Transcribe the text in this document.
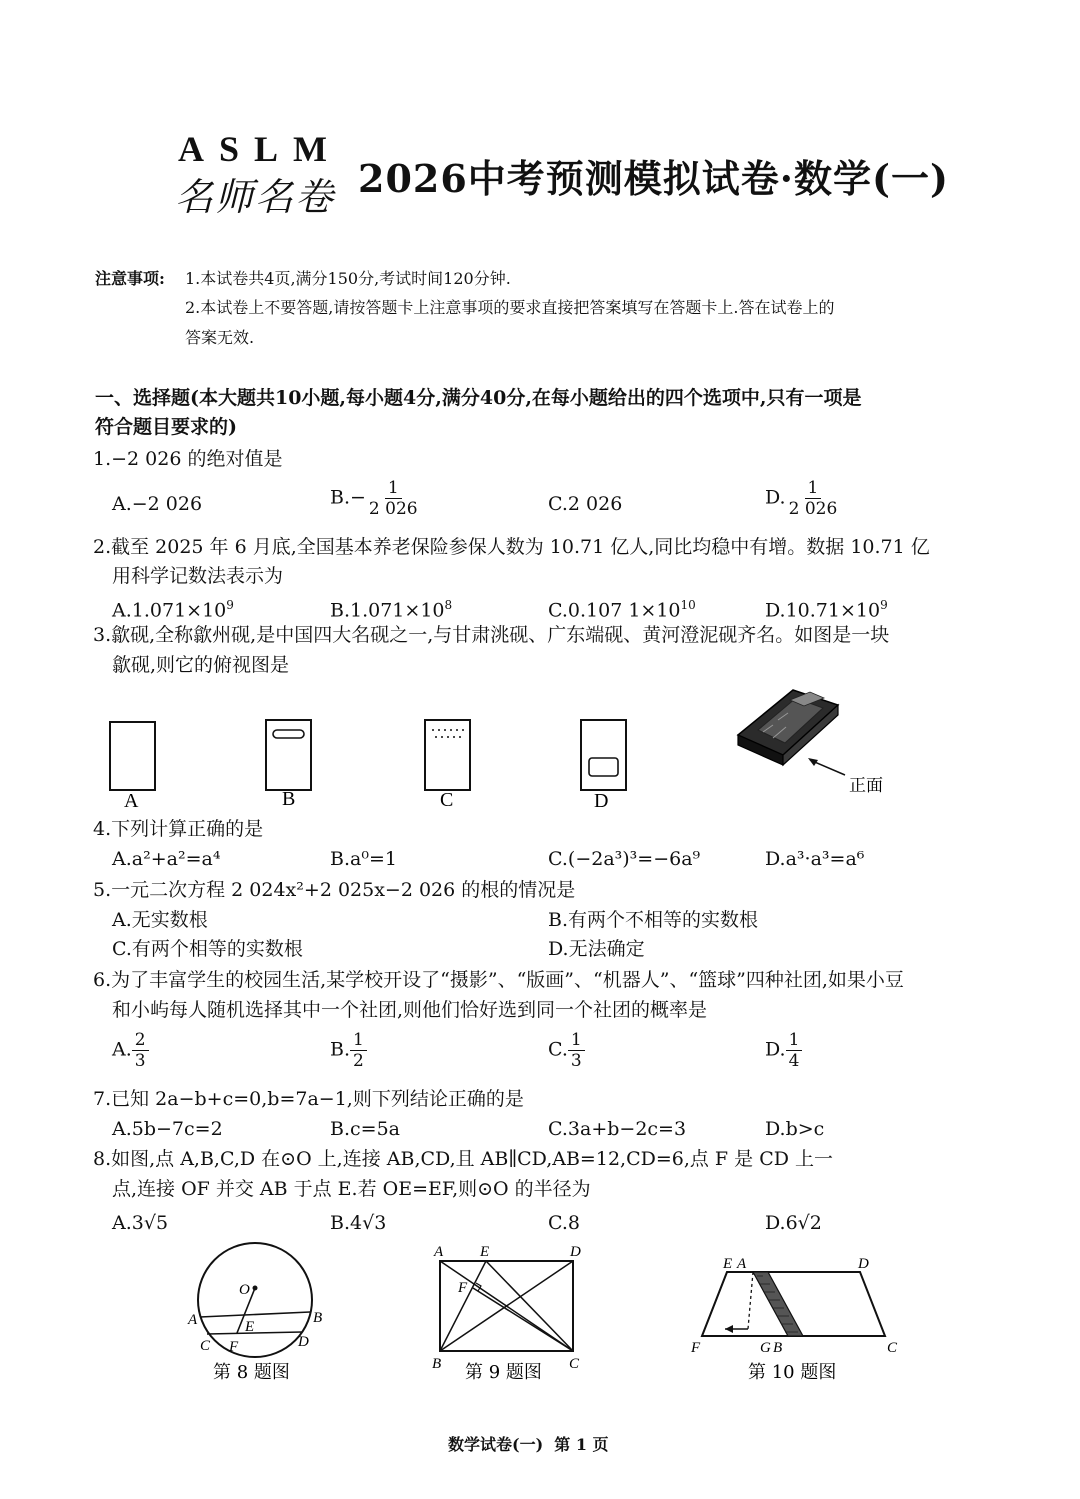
ASLM
名师名卷 2026中考预测模拟试卷·数学(一)
注意事项: 1.本试卷共4页,满分150分,考试时间120分钟.
2.本试卷上不要答题,请按答题卡上注意事项的要求直接把答案填写在答题卡上.答在试卷上的
答案无效.
一、选择题(本大题共10小题,每小题4分,满分40分,在每小题给出的四个选项中,只有一项是
符合题目要求的)
1.−2 026 的绝对值是
A.−2 026	$B.- \frac{1}{2 026}$	C.2 026	D. $\frac{1}{2 026}$
2.截至 2025 年 6 月底,全国基本养老保险参保人数为 10.71 亿人,同比均稳中有增。数据 10.71 亿
用科学记数法表示为
$A.1.071\times 10^9$	$B.1.071\times 10^8$	C.0.107 $1\times 10^{10}$	$D.10.71\times 10^9$
3.歙砚,全称歙州砚,是中国四大名砚之一,与甘肃洮砚、广东端砚、黄河澄泥砚齐名。如图是一块
歙砚,则它的俯视图是
A	B	C	D
正面
4.下列计算正确的是
A.a²+a²=a⁴	B.a⁰=1	C.(−2a³)³=−6a⁹	D.a³·a³=a⁶
5.一元二次方程 2 024x²+2 025x−2 026 的根的情况是
A.无实数根	B.有两个不相等的实数根
C.有两个相等的实数根	D.无法确定
6.为了丰富学生的校园生活,某学校开设了“摄影”、“版画”、“机器人”、“篮球”四种社团,如果小豆
和小屿每人随机选择其中一个社团,则他们恰好选到同一个社团的概率是
A. $\frac{2}{3}$	B. $\frac{1}{2}$	C. $\frac{1}{3}$	D. $\frac{1}{4}$
7.已知 2a−b+c=0,b=7a−1,则下列结论正确的是
A.5b−7c=2	B.c=5a	C.3a+b−2c=3	D.b>c
8.如图,点 A,B,C,D 在⊙O 上,连接 AB,CD,且 AB∥CD,AB=12,CD=6,点 F 是 CD 上一
点,连接 OF 并交 AB 于点 E.若 OE=EF,则⊙O 的半径为
A.3√5	B.4√3	C.8	D.6√2
O
A	B
C	D
E
F
第 8 题图
A E	D
F
B	C
第 9 题图
E A	D
F	G B	C
第 10 题图
数学试卷(一)  第 1 页
